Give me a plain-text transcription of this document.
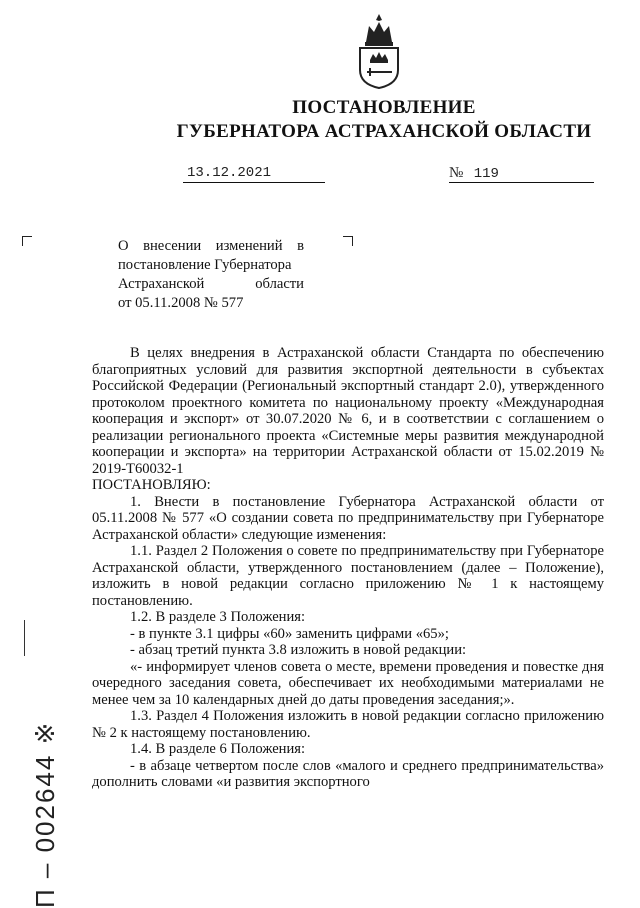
ПОСТАНОВЛЕНИЕ
ГУБЕРНАТОРА АСТРАХАНСКОЙ ОБЛАСТИ
13.12.2021	№ 119

О внесении изменений в

постановление Губернатора

Астраханской области

от 05.11.2008 № 577

В целях внедрения в Астраханской области Стандарта по обеспечению благоприятных условий для развития экспортной деятельности в субъектах Российской Федерации (Региональный экспортный стандарт 2.0), утвержденного протоколом проектного комитета по национальному проекту «Международная кооперация и экспорт» от 30.07.2020 № 6, и в соответствии с соглашением о реализации регионального проекта «Системные меры развития международной кооперации и экспорта» на территории Астраханской области от 15.02.2019 № 2019-Т60032-1

ПОСТАНОВЛЯЮ:

1. Внести в постановление Губернатора Астраханской области от 05.11.2008 № 577 «О создании совета по предпринимательству при Губернаторе Астраханской области» следующие изменения:

1.1. Раздел 2 Положения о совете по предпринимательству при Губернаторе Астраханской области, утвержденного постановлением (далее – Положение), изложить в новой редакции согласно приложению № 1 к настоящему постановлению.

1.2. В разделе 3 Положения:

- в пункте 3.1 цифры «60» заменить цифрами «65»;

- абзац третий пункта 3.8 изложить в новой редакции:

«- информирует членов совета о месте, времени проведения и повестке дня очередного заседания совета, обеспечивает их необходимыми материалами не менее чем за 10 календарных дней до даты проведения заседания;».

1.3. Раздел 4 Положения изложить в новой редакции согласно приложению № 2 к настоящему постановлению.

1.4. В разделе 6 Положения:

- в абзаце четвертом после слов «малого и среднего предпринимательства» дополнить словами «и развития экспортного

П – 002644 ※
